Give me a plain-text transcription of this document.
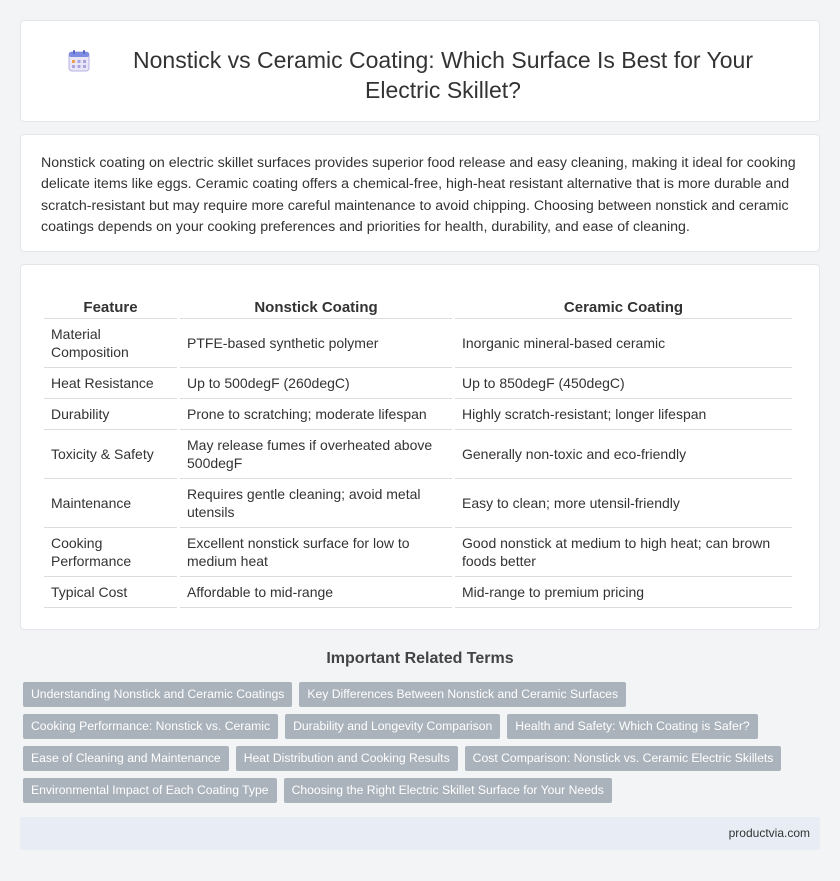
Nonstick vs Ceramic Coating: Which Surface Is Best for Your Electric Skillet?

Nonstick coating on electric skillet surfaces provides superior food release and easy cleaning, making it ideal for cooking delicate items like eggs. Ceramic coating offers a chemical-free, high-heat resistant alternative that is more durable and scratch-resistant but may require more careful maintenance to avoid chipping. Choosing between nonstick and ceramic coatings depends on your cooking preferences and priorities for health, durability, and ease of cleaning.

Feature	Nonstick Coating	Ceramic Coating
Material Composition	PTFE-based synthetic polymer	Inorganic mineral-based ceramic
Heat Resistance	Up to 500degF (260degC)	Up to 850degF (450degC)
Durability	Prone to scratching; moderate lifespan	Highly scratch-resistant; longer lifespan
Toxicity & Safety	May release fumes if overheated above 500degF	Generally non-toxic and eco-friendly
Maintenance	Requires gentle cleaning; avoid metal utensils	Easy to clean; more utensil-friendly
Cooking Performance	Excellent nonstick surface for low to medium heat	Good nonstick at medium to high heat; can brown foods better
Typical Cost	Affordable to mid-range	Mid-range to premium pricing
Important Related Terms
Understanding Nonstick and Ceramic Coatings	Key Differences Between Nonstick and Ceramic Surfaces
Cooking Performance: Nonstick vs. Ceramic	Durability and Longevity Comparison	Health and Safety: Which Coating is Safer?
Ease of Cleaning and Maintenance	Heat Distribution and Cooking Results	Cost Comparison: Nonstick vs. Ceramic Electric Skillets
Environmental Impact of Each Coating Type	Choosing the Right Electric Skillet Surface for Your Needs
productvia.com
